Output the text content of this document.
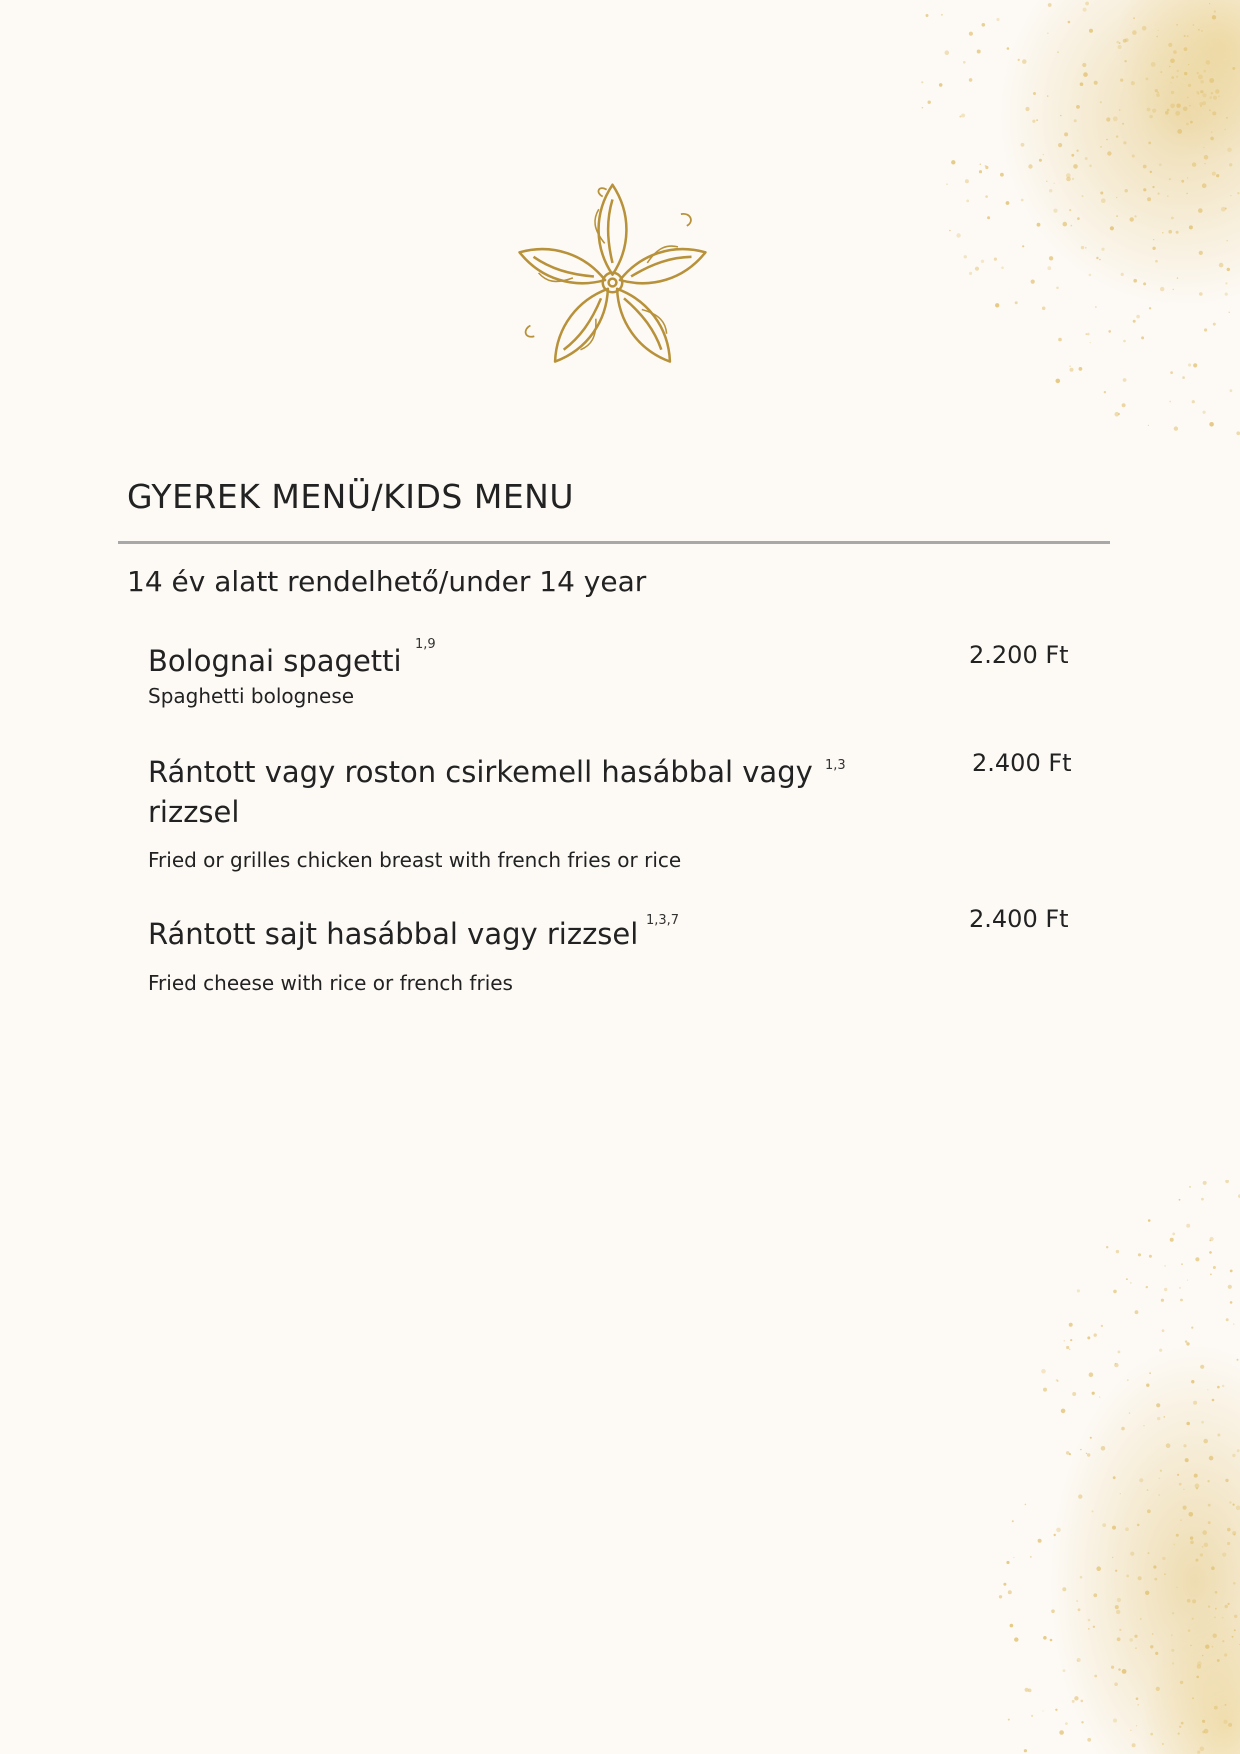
GYEREK MENÜ/KIDS MENU
14 év alatt rendelhető/under 14 year
Bolognai spagetti 1,9
Spaghetti bolognese
2.200 Ft
Rántott vagy roston csirkemell hasábbal vagy rizzsel
1,3
Fried or grilles chicken breast with french fries or rice
2.400 Ft
Rántott sajt hasábbal vagy rizzsel 1,3,7
Fried cheese with rice or french fries
2.400 Ft
